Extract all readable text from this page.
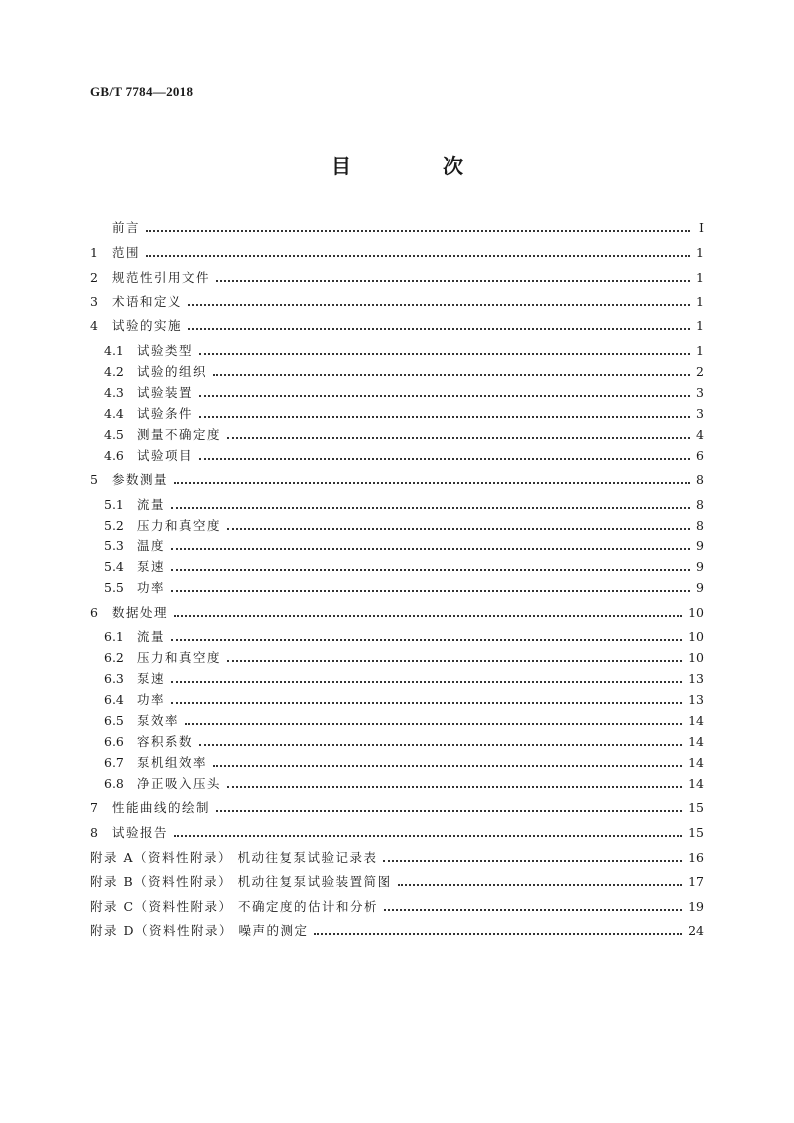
GB/T 7784—2018
目　次
前言	Ⅰ
1	范围	1
2	规范性引用文件	1
3	术语和定义	1
4	试验的实施	1
4.1	试验类型	1
4.2	试验的组织	2
4.3	试验装置	3
4.4	试验条件	3
4.5	测量不确定度	4
4.6	试验项目	6
5	参数测量	8
5.1	流量	8
5.2	压力和真空度	8
5.3	温度	9
5.4	泵速	9
5.5	功率	9
6	数据处理	10
6.1	流量	10
6.2	压力和真空度	10
6.3	泵速	13
6.4	功率	13
6.5	泵效率	14
6.6	容积系数	14
6.7	泵机组效率	14
6.8	净正吸入压头	14
7	性能曲线的绘制	15
8	试验报告	15
附录 A（资料性附录） 机动往复泵试验记录表	16
附录 B（资料性附录） 机动往复泵试验装置简图	17
附录 C（资料性附录） 不确定度的估计和分析	19
附录 D（资料性附录） 噪声的测定	24
